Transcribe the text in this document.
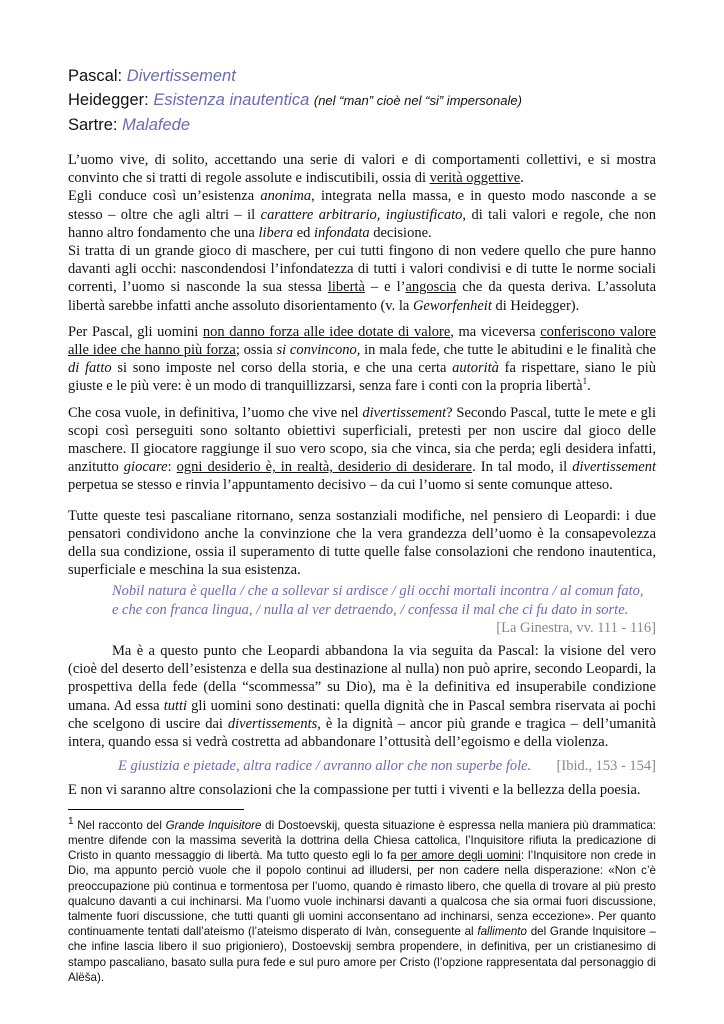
Pascal: Divertissement
Heidegger: Esistenza inautentica (nel “man” cioè nel “si” impersonale)
Sartre: Malafede

L’uomo vive, di solito, accettando una serie di valori e di comportamenti collettivi, e si mostra convinto che si tratti di regole assolute e indiscutibili, ossia di verità oggettive.
Egli conduce così un’esistenza anonima, integrata nella massa, e in questo modo nasconde a se stesso – oltre che agli altri – il carattere arbitrario, ingiustificato, di tali valori e regole, che non hanno altro fondamento che una libera ed infondata decisione.
Si tratta di un grande gioco di maschere, per cui tutti fingono di non vedere quello che pure hanno davanti agli occhi: nascondendosi l’infondatezza di tutti i valori condivisi e di tutte le norme sociali correnti, l’uomo si nasconde la sua stessa libertà – e l’angoscia che da questa deriva. L’assoluta libertà sarebbe infatti anche assoluto disorientamento (v. la Geworfenheit di Heidegger).

Per Pascal, gli uomini non danno forza alle idee dotate di valore, ma viceversa conferiscono valore alle idee che hanno più forza; ossia si convincono, in mala fede, che tutte le abitudini e le finalità che di fatto si sono imposte nel corso della storia, e che una certa autorità fa rispettare, siano le più giuste e le più vere: è un modo di tranquillizzarsi, senza fare i conti con la propria libertà$^1$.

Che cosa vuole, in definitiva, l’uomo che vive nel divertissement? Secondo Pascal, tutte le mete e gli scopi così perseguiti sono soltanto obiettivi superficiali, pretesti per non uscire dal gioco delle maschere. Il giocatore raggiunge il suo vero scopo, sia che vinca, sia che perda; egli desidera infatti, anzitutto giocare: ogni desiderio è, in realtà, desiderio di desiderare. In tal modo, il divertissement perpetua se stesso e rinvia l’appuntamento decisivo – da cui l’uomo si sente comunque atteso.

Tutte queste tesi pascaliane ritornano, senza sostanziali modifiche, nel pensiero di Leopardi: i due pensatori condividono anche la convinzione che la vera grandezza dell’uomo è la consapevolezza della sua condizione, ossia il superamento di tutte quelle false consolazioni che rendono inautentica, superficiale e meschina la sua esistenza.

Nobil natura è quella / che a sollevar si ardisce / gli occhi mortali incontra / al comun fato,

e che con franca lingua, / nulla al ver detraendo, / confessa il mal che ci fu dato in sorte.

[La Ginestra, vv. 111 - 116]

Ma è a questo punto che Leopardi abbandona la via seguita da Pascal: la visione del vero (cioè del deserto dell’esistenza e della sua destinazione al nulla) non può aprire, secondo Leopardi, la prospettiva della fede (della “scommessa” su Dio), ma è la definitiva ed insuperabile condizione umana. Ad essa tutti gli uomini sono destinati: quella dignità che in Pascal sembra riservata ai pochi che scelgono di uscire dai divertissements, è la dignità – ancor più grande e tragica – dell’umanità intera, quando essa si vedrà costretta ad abbandonare l’ottusità dell’egoismo e della violenza.

E giustizia e pietade, altra radice / avranno allor che non superbe fole. [Ibid., 153 - 154]

E non vi saranno altre consolazioni che la compassione per tutti i viventi e la bellezza della poesia.

$^1$ Nel racconto del Grande Inquisitore di Dostoevskij, questa situazione è espressa nella maniera più drammatica: mentre difende con la massima severità la dottrina della Chiesa cattolica, l’Inquisitore rifiuta la predicazione di Cristo in quanto messaggio di libertà. Ma tutto questo egli lo fa per amore degli uomini: l’Inquisitore non crede in Dio, ma appunto perciò vuole che il popolo continui ad illudersi, per non cadere nella disperazione: «Non c’è preoccupazione più continua e tormentosa per l’uomo, quando è rimasto libero, che quella di trovare al più presto qualcuno davanti a cui inchinarsi. Ma l’uomo vuole inchinarsi davanti a qualcosa che sia ormai fuori discussione, talmente fuori discussione, che tutti quanti gli uomini acconsentano ad inchinarsi, senza eccezione». Per quanto continuamente tentati dall’ateismo (l’ateismo disperato di Ivàn, conseguente al fallimento del Grande Inquisitore – che infine lascia libero il suo prigioniero), Dostoevskij sembra propendere, in definitiva, per un cristianesimo di stampo pascaliano, basato sulla pura fede e sul puro amore per Cristo (l’opzione rappresentata dal personaggio di Alëša).
